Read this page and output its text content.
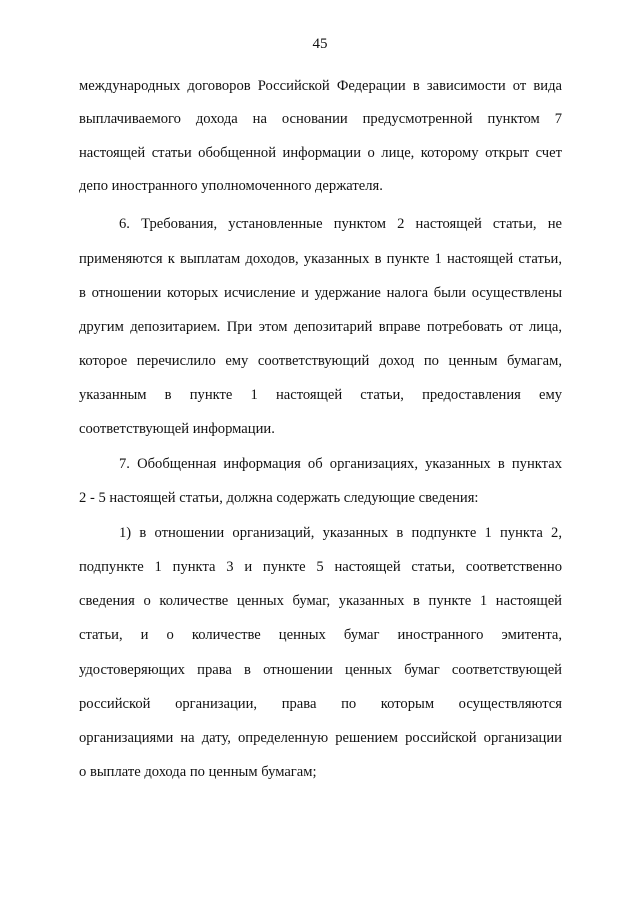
45
международных договоров Российской Федерации в зависимости от вида
выплачиваемого дохода на основании предусмотренной пунктом 7
настоящей статьи обобщенной информации о лице, которому открыт счет
депо иностранного уполномоченного держателя.
6. Требования, установленные пунктом 2 настоящей статьи, не
применяются к выплатам доходов, указанных в пункте 1 настоящей статьи,
в отношении которых исчисление и удержание налога были осуществлены
другим депозитарием. При этом депозитарий вправе потребовать от лица,
которое перечислило ему соответствующий доход по ценным бумагам,
указанным в пункте 1 настоящей статьи, предоставления ему
соответствующей информации.
7. Обобщенная информация об организациях, указанных в пунктах
2 - 5 настоящей статьи, должна содержать следующие сведения:
1) в отношении организаций, указанных в подпункте 1 пункта 2,
подпункте 1 пункта 3 и пункте 5 настоящей статьи, соответственно
сведения о количестве ценных бумаг, указанных в пункте 1 настоящей
статьи, и о количестве ценных бумаг иностранного эмитента,
удостоверяющих права в отношении ценных бумаг соответствующей
российской организации, права по которым осуществляются
организациями на дату, определенную решением российской организации
о выплате дохода по ценным бумагам;
